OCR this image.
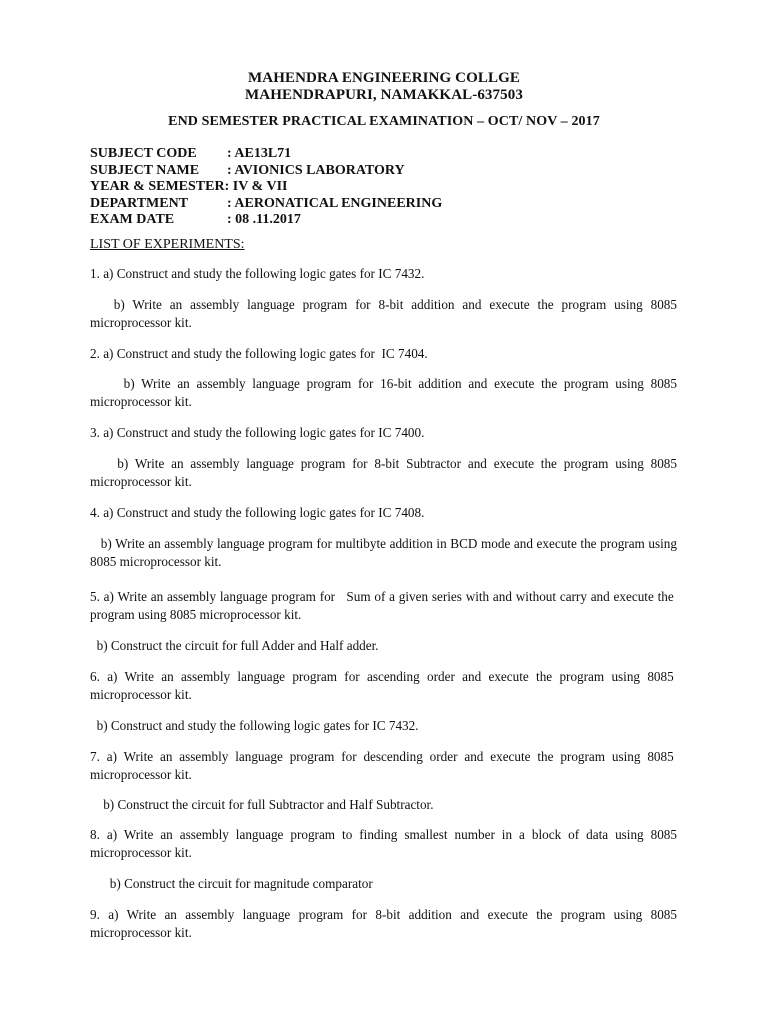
MAHENDRA ENGINEERING COLLGE
MAHENDRAPURI, NAMAKKAL-637503
END SEMESTER PRACTICAL EXAMINATION – OCT/ NOV – 2017
SUBJECT CODE	: AE13L71
SUBJECT NAME	: AVIONICS LABORATORY
YEAR & SEMESTER: IV & VII
DEPARTMENT	: AERONATICAL ENGINEERING
EXAM DATE	: 08 .11.2017
LIST OF EXPERIMENTS:
1. a) Construct and study the following logic gates for IC 7432.
b) Write an assembly language program for 8-bit addition and execute the program using 8085 microprocessor kit.
2. a) Construct and study the following logic gates for  IC 7404.
b) Write an assembly language program for 16-bit addition and execute the program using 8085 microprocessor kit.
3. a) Construct and study the following logic gates for IC 7400.
b) Write an assembly language program for 8-bit Subtractor and execute the program using 8085 microprocessor kit.
4. a) Construct and study the following logic gates for IC 7408.
b) Write an assembly language program for multibyte addition in BCD mode and execute the program using 8085 microprocessor kit.
5. a) Write an assembly language program for   Sum of a given series with and without carry and execute the  program using 8085 microprocessor kit.
b) Construct the circuit for full Adder and Half adder.
6. a) Write an assembly language program for ascending order and execute the program using 8085  microprocessor kit.
b) Construct and study the following logic gates for IC 7432.
7. a) Write an assembly language program for descending order and execute the program using 8085  microprocessor kit.
b) Construct the circuit for full Subtractor and Half Subtractor.
8. a) Write an assembly language program to finding smallest number in a block of data using 8085 microprocessor kit.
b) Construct the circuit for magnitude comparator
9. a) Write an assembly language program for 8-bit addition and execute the program using 8085 microprocessor kit.
